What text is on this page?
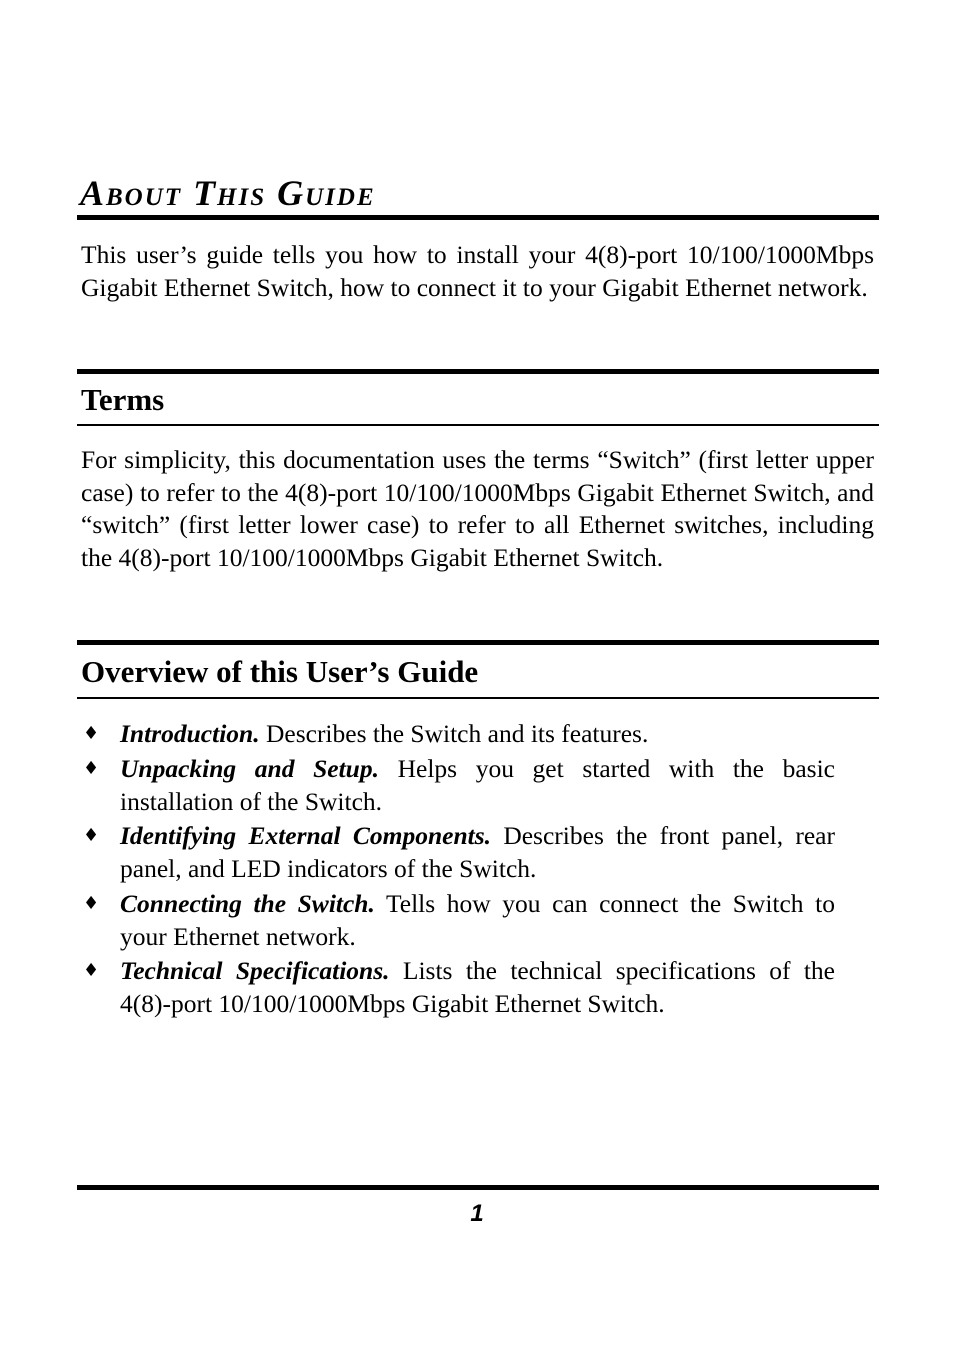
About This Guide

This user’s guide tells you how to install your 4(8)-port 10/100/1000Mbps Gigabit Ethernet Switch, how to connect it to your Gigabit Ethernet network.

Terms

For simplicity, this documentation uses the terms “Switch” (first letter upper case) to refer to the 4(8)-port 10/100/1000Mbps Gigabit Ethernet Switch, and “switch” (first letter lower case) to refer to all Ethernet switches, including the 4(8)-port 10/100/1000Mbps Gigabit Ethernet Switch.

Overview of this User’s Guide
♦ Introduction. Describes the Switch and its features.
♦ Unpacking and Setup. Helps you get started with the basic installation of the Switch.
♦ Identifying External Components. Describes the front panel, rear panel, and LED indicators of the Switch.
♦ Connecting the Switch. Tells how you can connect the Switch to your Ethernet network.
♦ Technical Specifications. Lists the technical specifications of the 4(8)-port 10/100/1000Mbps Gigabit Ethernet Switch.
1
